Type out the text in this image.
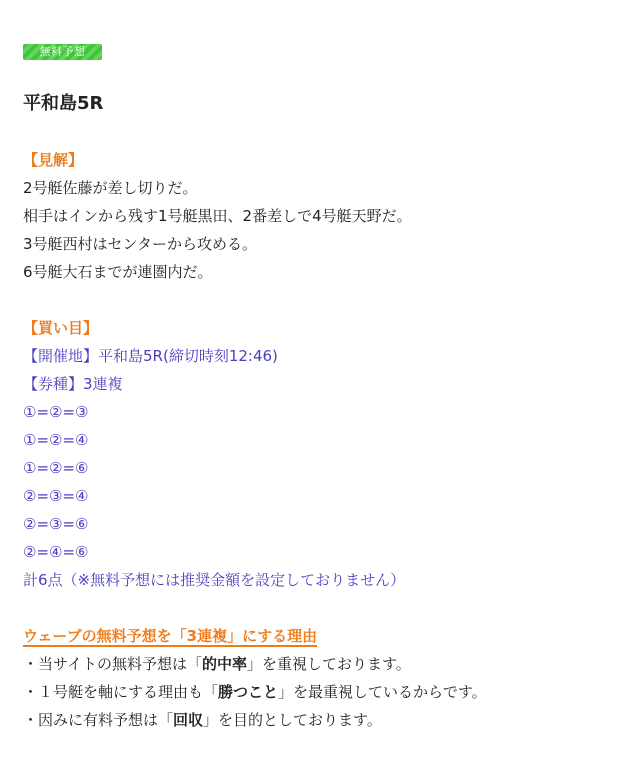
無料予想
平和島5R
【見解】
2号艇佐藤が差し切りだ。
相手はインから残す1号艇黒田、2番差しで4号艇天野だ。
3号艇西村はセンターから攻める。
6号艇大石までが連圏内だ。
【買い目】
【開催地】平和島5R(締切時刻12:46)
【券種】3連複
①=②=③
①=②=④
①=②=⑥
②=③=④
②=③=⑥
②=④=⑥
計6点（※無料予想には推奨金額を設定しておりません）
ウェーブの無料予想を「3連複」にする理由
・当サイトの無料予想は「的中率」を重視しております。
・１号艇を軸にする理由も「勝つこと」を最重視しているからです。
・因みに有料予想は「回収」を目的としております。
